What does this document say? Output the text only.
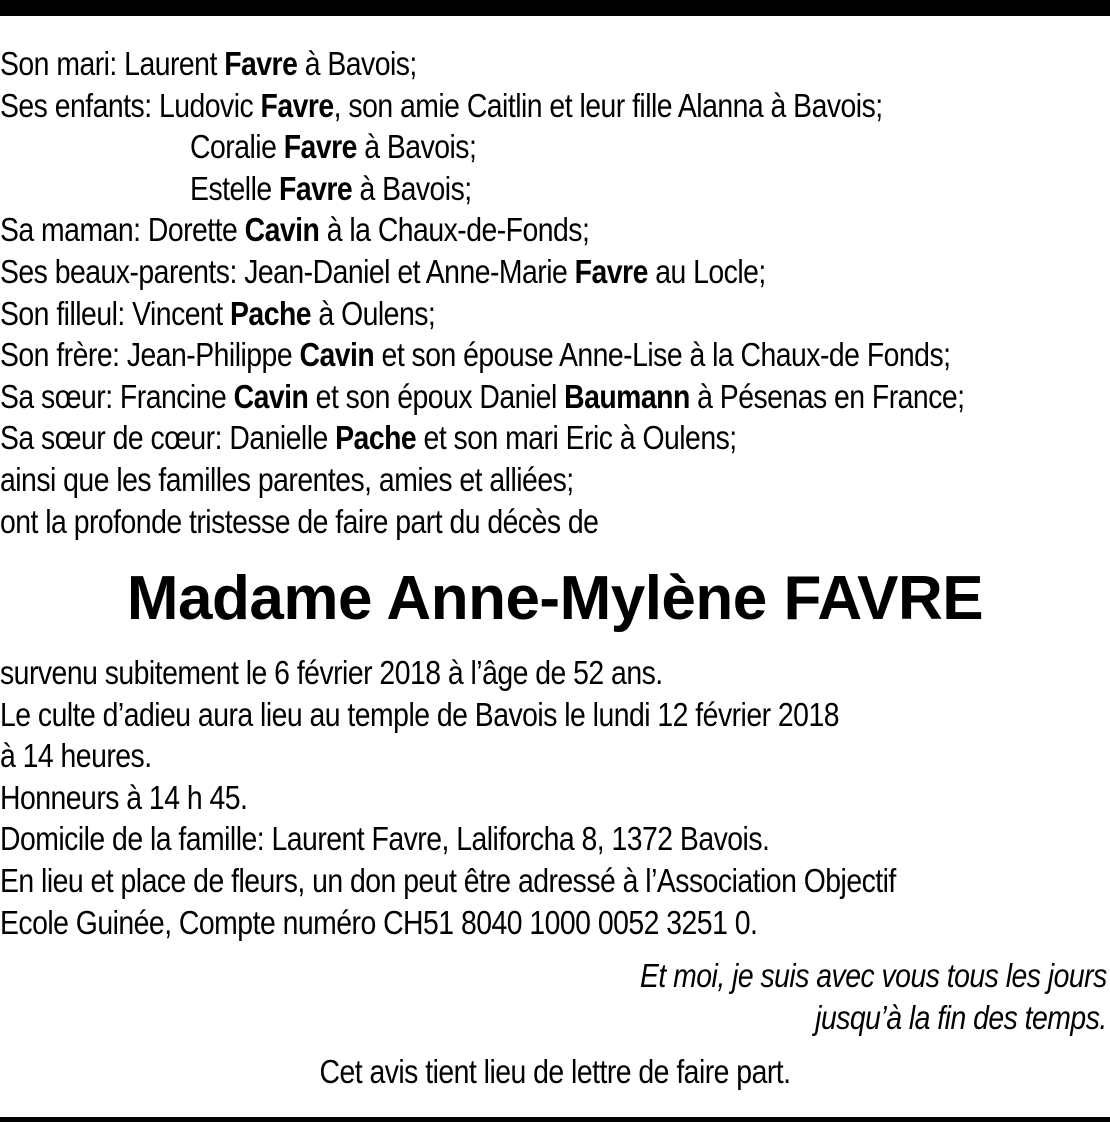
Son mari: Laurent Favre à Bavois;
Ses enfants: Ludovic Favre, son amie Caitlin et leur fille Alanna à Bavois;
Coralie Favre à Bavois;
Estelle Favre à Bavois;
Sa maman: Dorette Cavin à la Chaux-de-Fonds;
Ses beaux-parents: Jean-Daniel et Anne-Marie Favre au Locle;
Son filleul: Vincent Pache à Oulens;
Son frère: Jean-Philippe Cavin et son épouse Anne-Lise à la Chaux-de Fonds;
Sa sœur: Francine Cavin et son époux Daniel Baumann à Pésenas en France;
Sa sœur de cœur: Danielle Pache et son mari Eric à Oulens;
ainsi que les familles parentes, amies et alliées;
ont la profonde tristesse de faire part du décès de
Madame Anne-Mylène FAVRE
survenu subitement le 6 février 2018 à l’âge de 52 ans.
Le culte d’adieu aura lieu au temple de Bavois le lundi 12 février 2018
à 14 heures.
Honneurs à 14 h 45.
Domicile de la famille: Laurent Favre, Laliforcha 8, 1372 Bavois.
En lieu et place de fleurs, un don peut être adressé à l’Association Objectif
Ecole Guinée, Compte numéro CH51 8040 1000 0052 3251 0.
Et moi, je suis avec vous tous les jours
jusqu’à la fin des temps.
Cet avis tient lieu de lettre de faire part.
